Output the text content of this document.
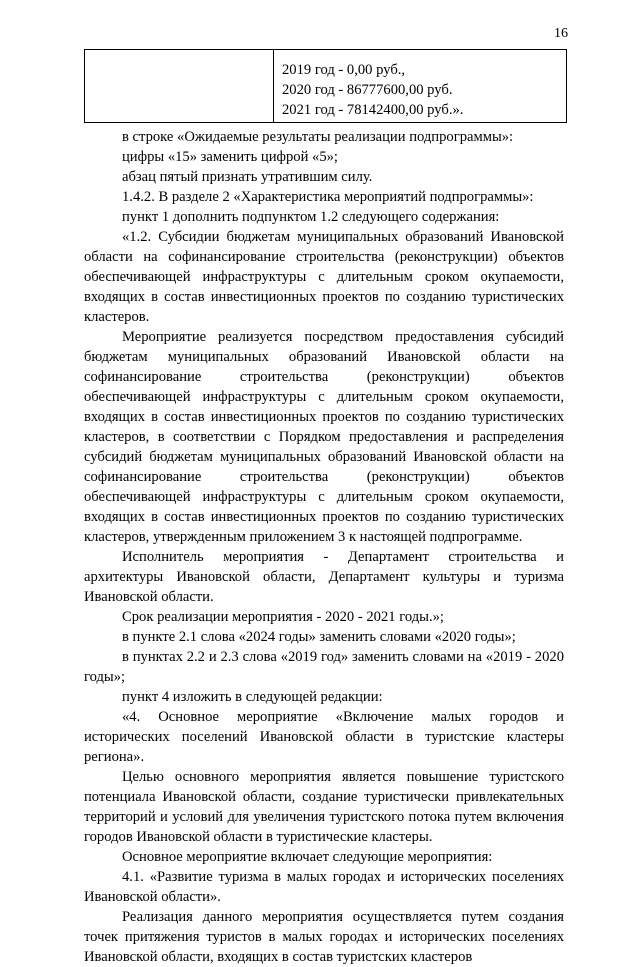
16

2019 год - 0,00 руб.,
2020 год - 86777600,00 руб.
2021 год - 78142400,00 руб.».

в строке «Ожидаемые результаты реализации подпрограммы»:

цифры «15» заменить цифрой «5»;

абзац пятый признать утратившим силу.

1.4.2. В разделе 2 «Характеристика мероприятий подпрограммы»:

пункт 1 дополнить подпунктом 1.2 следующего содержания:

«1.2. Субсидии бюджетам муниципальных образований Ивановской области на софинансирование строительства (реконструкции) объектов обеспечивающей инфраструктуры с длительным сроком окупаемости, входящих в состав инвестиционных проектов по созданию туристических кластеров.

Мероприятие реализуется посредством предоставления субсидий бюджетам муниципальных образований Ивановской области на софинансирование строительства (реконструкции) объектов обеспечивающей инфраструктуры с длительным сроком окупаемости, входящих в состав инвестиционных проектов по созданию туристических кластеров, в соответствии с Порядком предоставления и распределения субсидий бюджетам муниципальных образований Ивановской области на софинансирование строительства (реконструкции) объектов обеспечивающей инфраструктуры с длительным сроком окупаемости, входящих в состав инвестиционных проектов по созданию туристических кластеров, утвержденным приложением 3 к настоящей подпрограмме.

Исполнитель мероприятия - Департамент строительства и архитектуры Ивановской области, Департамент культуры и туризма Ивановской области.

Срок реализации мероприятия - 2020 - 2021 годы.»;

в пункте 2.1 слова «2024 годы» заменить словами «2020 годы»;

в пунктах 2.2 и 2.3 слова «2019 год» заменить словами на «2019 - 2020 годы»;

пункт 4 изложить в следующей редакции:

«4. Основное мероприятие «Включение малых городов и исторических поселений Ивановской области в туристские кластеры региона».

Целью основного мероприятия является повышение туристского потенциала Ивановской области, создание туристически привлекательных территорий и условий для увеличения туристского потока путем включения городов Ивановской области в туристические кластеры.

Основное мероприятие включает следующие мероприятия:

4.1. «Развитие туризма в малых городах и исторических поселениях Ивановской области».

Реализация данного мероприятия осуществляется путем создания точек притяжения туристов в малых городах и исторических поселениях Ивановской области, входящих в состав туристских кластеров
